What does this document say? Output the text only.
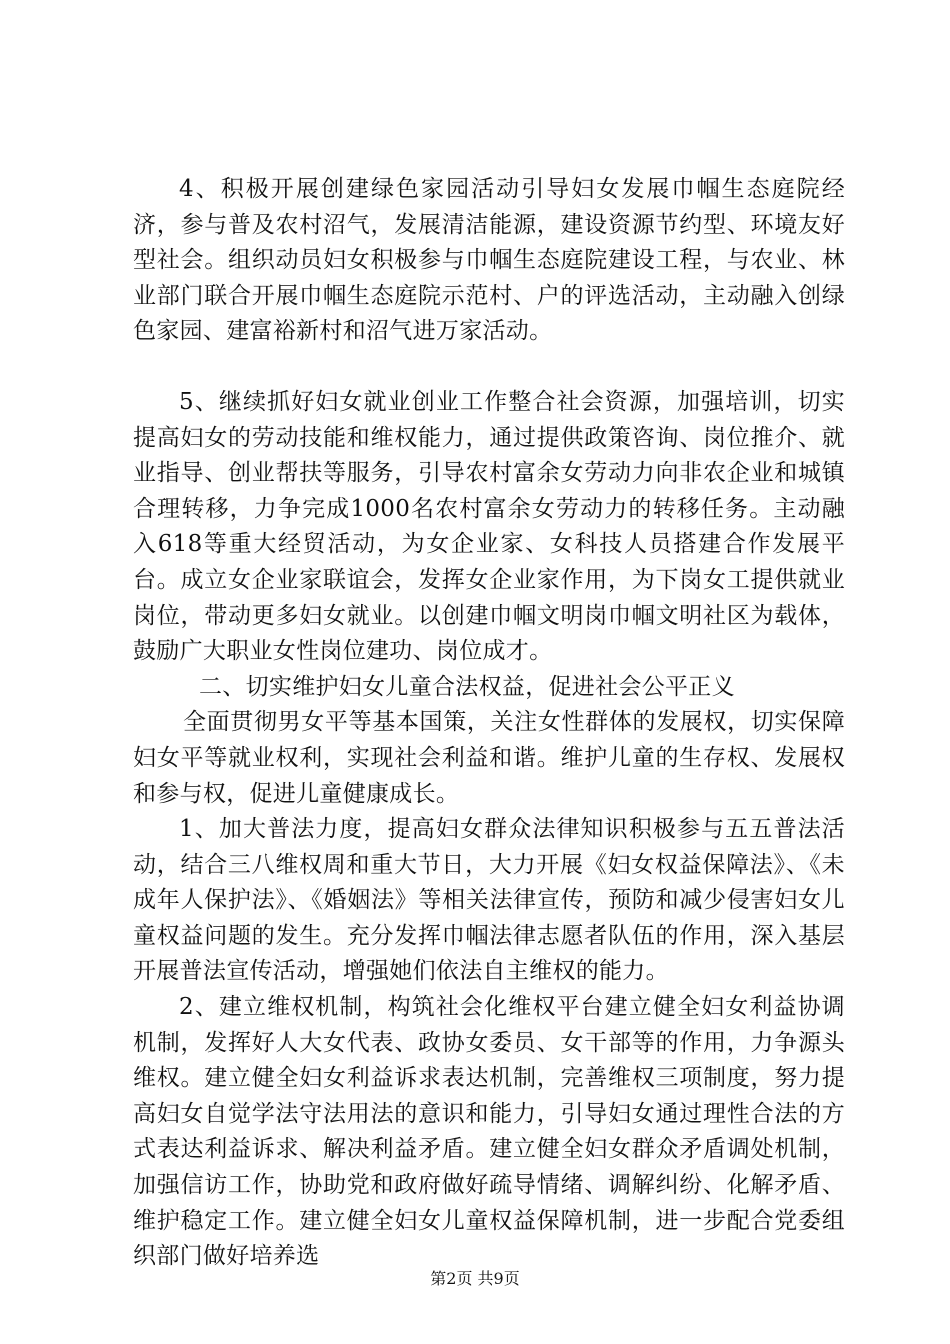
4、积极开展创建绿色家园活动引导妇女发展巾帼生态庭院经济，参与普及农村沼气，发展清洁能源，建设资源节约型、环境友好型社会。组织动员妇女积极参与巾帼生态庭院建设工程，与农业、林业部门联合开展巾帼生态庭院示范村、户的评选活动，主动融入创绿色家园、建富裕新村和沼气进万家活动。

5、继续抓好妇女就业创业工作整合社会资源，加强培训，切实提高妇女的劳动技能和维权能力，通过提供政策咨询、岗位推介、就业指导、创业帮扶等服务，引导农村富余女劳动力向非农企业和城镇合理转移，力争完成1000名农村富余女劳动力的转移任务。主动融入618等重大经贸活动，为女企业家、女科技人员搭建合作发展平台。成立女企业家联谊会，发挥女企业家作用，为下岗女工提供就业岗位，带动更多妇女就业。以创建巾帼文明岗巾帼文明社区为载体，鼓励广大职业女性岗位建功、岗位成才。

二、切实维护妇女儿童合法权益，促进社会公平正义

全面贯彻男女平等基本国策，关注女性群体的发展权，切实保障妇女平等就业权利，实现社会利益和谐。维护儿童的生存权、发展权和参与权，促进儿童健康成长。

1、加大普法力度，提高妇女群众法律知识积极参与五五普法活动，结合三八维权周和重大节日，大力开展《妇女权益保障法》、《未成年人保护法》、《婚姻法》等相关法律宣传，预防和减少侵害妇女儿童权益问题的发生。充分发挥巾帼法律志愿者队伍的作用，深入基层开展普法宣传活动，增强她们依法自主维权的能力。

2、建立维权机制，构筑社会化维权平台建立健全妇女利益协调机制，发挥好人大女代表、政协女委员、女干部等的作用，力争源头维权。建立健全妇女利益诉求表达机制，完善维权三项制度，努力提高妇女自觉学法守法用法的意识和能力，引导妇女通过理性合法的方式表达利益诉求、解决利益矛盾。建立健全妇女群众矛盾调处机制，加强信访工作，协助党和政府做好疏导情绪、调解纠纷、化解矛盾、维护稳定工作。建立健全妇女儿童权益保障机制，进一步配合党委组织部门做好培养选

第2页 共9页
